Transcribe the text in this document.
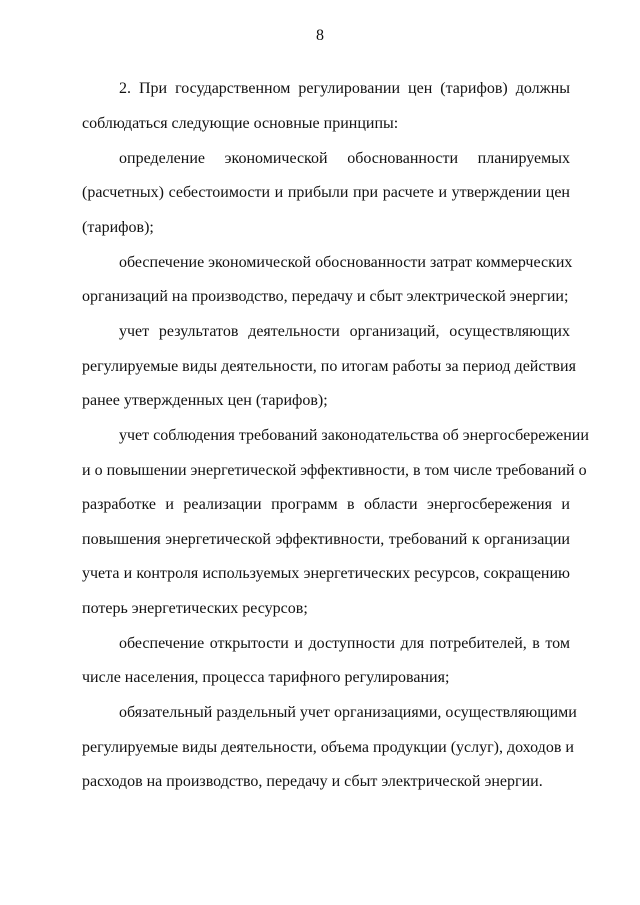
8
2. При государственном регулировании цен (тарифов) должны
соблюдаться следующие основные принципы:
определение экономической обоснованности планируемых
(расчетных) себестоимости и прибыли при расчете и утверждении цен
(тарифов);
обеспечение экономической обоснованности затрат коммерческих
организаций на производство, передачу и сбыт электрической энергии;
учет результатов деятельности организаций, осуществляющих
регулируемые виды деятельности, по итогам работы за период действия
ранее утвержденных цен (тарифов);
учет соблюдения требований законодательства об энергосбережении
и о повышении энергетической эффективности, в том числе требований о
разработке и реализации программ в области энергосбережения и
повышения энергетической эффективности, требований к организации
учета и контроля используемых энергетических ресурсов, сокращению
потерь энергетических ресурсов;
обеспечение открытости и доступности для потребителей, в том
числе населения, процесса тарифного регулирования;
обязательный раздельный учет организациями, осуществляющими
регулируемые виды деятельности, объема продукции (услуг), доходов и
расходов на производство, передачу и сбыт электрической энергии.
